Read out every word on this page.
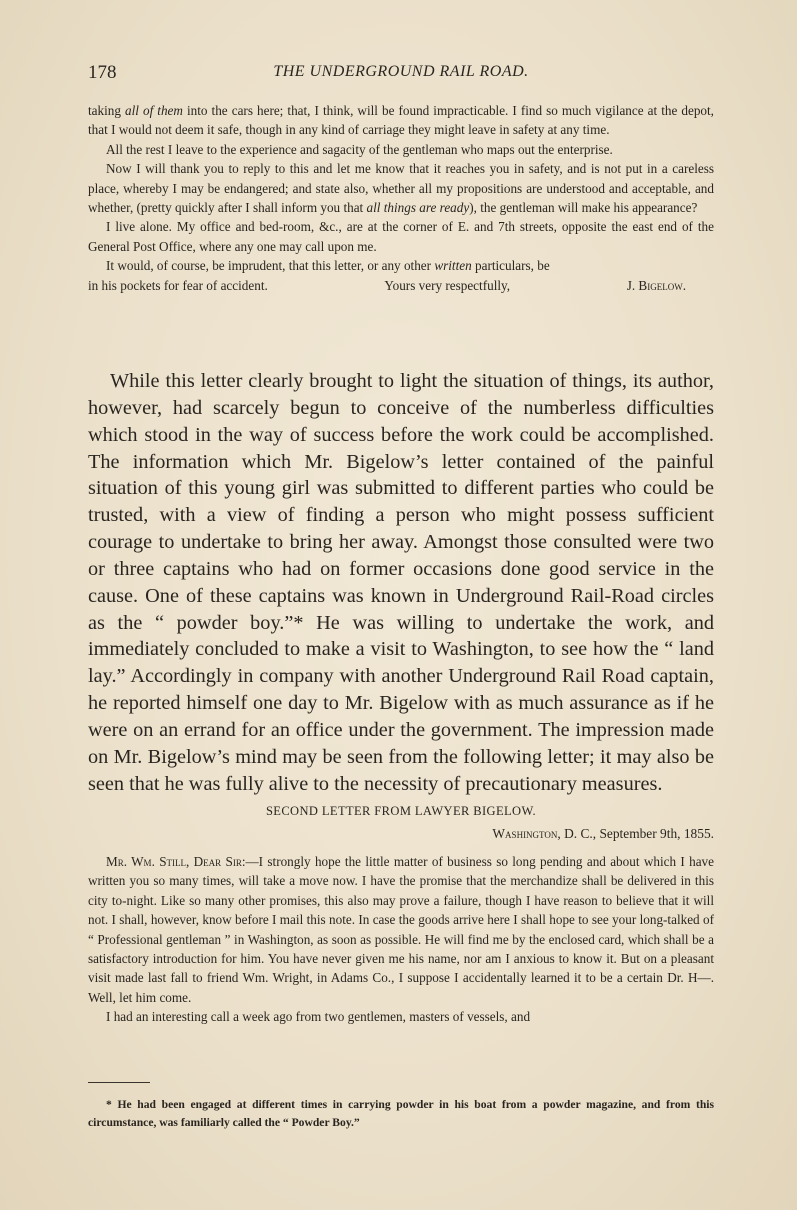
178	THE UNDERGROUND RAIL ROAD.

taking all of them into the cars here; that, I think, will be found impracticable. I find so much vigilance at the depot, that I would not deem it safe, though in any kind of carriage they might leave in safety at any time.

All the rest I leave to the experience and sagacity of the gentleman who maps out the enterprise.

Now I will thank you to reply to this and let me know that it reaches you in safety, and is not put in a careless place, whereby I may be endangered; and state also, whether all my propositions are understood and acceptable, and whether, (pretty quickly after I shall inform you that all things are ready), the gentleman will make his appearance?

I live alone. My office and bed-room, &c., are at the corner of E. and 7th streets, opposite the east end of the General Post Office, where any one may call upon me.

It would, of course, be imprudent, that this letter, or any other written particulars, be

in his pockets for fear of accident.	Yours very respectfully,	J. Bigelow.

While this letter clearly brought to light the situation of things, its author, however, had scarcely begun to conceive of the numberless difficulties which stood in the way of success before the work could be accomplished. The information which Mr. Bigelow’s letter contained of the painful situation of this young girl was submitted to different parties who could be trusted, with a view of finding a person who might possess sufficient courage to undertake to bring her away. Amongst those consulted were two or three captains who had on former occasions done good service in the cause. One of these captains was known in Underground Rail-Road circles as the “ powder boy.”* He was willing to undertake the work, and immediately concluded to make a visit to Washington, to see how the “ land lay.” Accordingly in company with another Underground Rail Road captain, he reported himself one day to Mr. Bigelow with as much assurance as if he were on an errand for an office under the government. The impression made on Mr. Bigelow’s mind may be seen from the following letter; it may also be seen that he was fully alive to the necessity of precautionary measures.

SECOND LETTER FROM LAWYER BIGELOW.
Washington, D. C., September 9th, 1855.

Mr. Wm. Still, Dear Sir:—I strongly hope the little matter of business so long pending and about which I have written you so many times, will take a move now. I have the promise that the merchandize shall be delivered in this city to-night. Like so many other promises, this also may prove a failure, though I have reason to believe that it will not. I shall, however, know before I mail this note. In case the goods arrive here I shall hope to see your long-talked of “ Professional gentleman ” in Washington, as soon as possible. He will find me by the enclosed card, which shall be a satisfactory introduction for him. You have never given me his name, nor am I anxious to know it. But on a pleasant visit made last fall to friend Wm. Wright, in Adams Co., I suppose I accidentally learned it to be a certain Dr. H—. Well, let him come.

I had an interesting call a week ago from two gentlemen, masters of vessels, and

* He had been engaged at different times in carrying powder in his boat from a powder magazine, and from this circumstance, was familiarly called the “ Powder Boy.”
